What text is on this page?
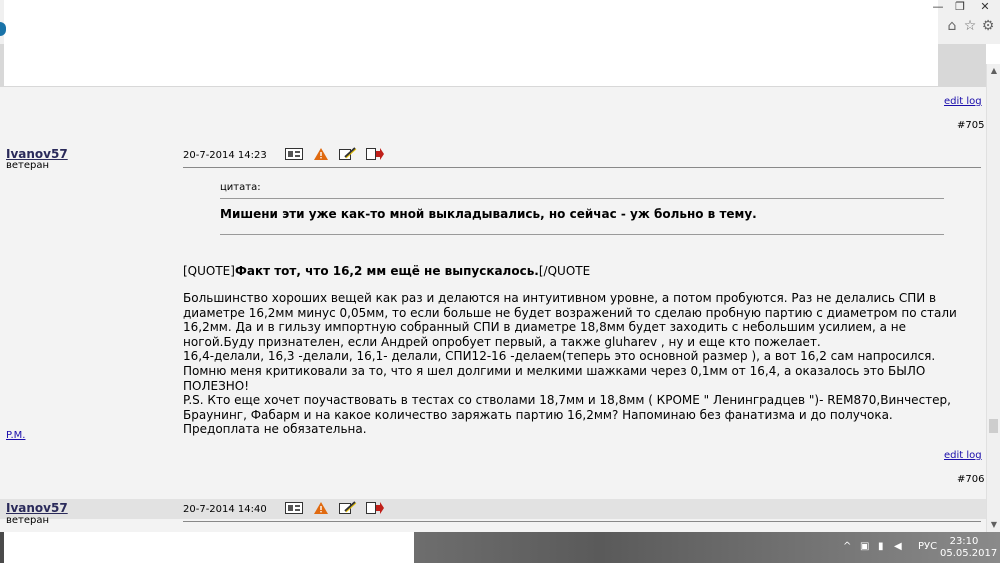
—	❐	✕
⌂ ☆ ⚙
edit log
#705
Ivanov57
ветеран
20-7-2014 14:23
цитата:
Мишени эти уже как-то мной выкладывались, но сейчас - уж больно в тему.
[QUOTE]Факт тот, что 16,2 мм ещё не выпускалось.[/QUOTE
Большинство хороших вещей как раз и делаются на интуитивном уровне, а потом пробуются. Раз не делались СПИ в диаметре 16,2мм минус 0,05мм, то если больше не будет возражений то сделаю пробную партию с диаметром по стали 16,2мм. Да и в гильзу импортную собранный СПИ в диаметре 18,8мм будет заходить с небольшим усилием, а не ногой.Буду признателен, если Андрей опробует первый, а также gluharev , ну и еще кто пожелает.
16,4-делали, 16,3 -делали, 16,1- делали, СПИ12-16 -делаем(теперь это основной размер ), а вот 16,2 сам напросился.
Помню меня критиковали за то, что я шел долгими и мелкими шажками через 0,1мм от 16,4, а оказалось это БЫЛО ПОЛЕЗНО!
P.S. Кто еще хочет поучаствовать в тестах со стволами 18,7мм и 18,8мм ( КРОМЕ " Ленинградцев ")- REM870,Винчестер, Браунинг, Фабарм и на какое количество заряжать партию 16,2мм? Напоминаю без фанатизма и до получока.
Предоплата не обязательна.
P.M.
edit log
#706
Ivanov57
ветеран
20-7-2014 14:40
▲
▼
^ ▣ ▮ ◀ РУС	23:10
05.05.2017
